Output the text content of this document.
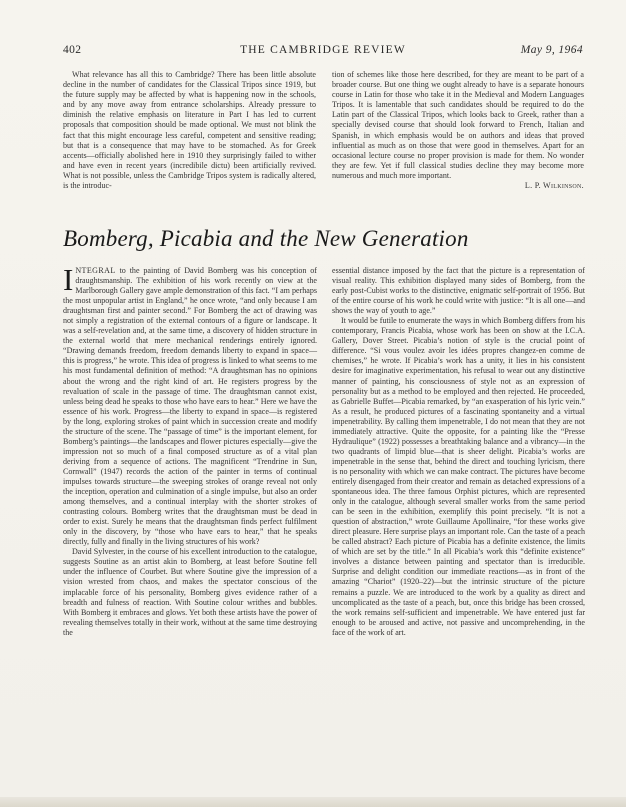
402	THE CAMBRIDGE REVIEW	May 9, 1964

What relevance has all this to Cambridge? There has been little absolute decline in the number of candidates for the Classical Tripos since 1919, but the future supply may be affected by what is happening now in the schools, and by any move away from entrance scholarships. Already pressure to diminish the relative emphasis on literature in Part I has led to current proposals that composition should be made optional. We must not blink the fact that this might encourage less careful, competent and sensitive reading; but that is a consequence that may have to be stomached. As for Greek accents—officially abolished here in 1910 they surprisingly failed to wither and have even in recent years (incredibile dictu) been artificially revived. What is not possible, unless the Cambridge Tripos system is radically altered, is the introduc-

tion of schemes like those here described, for they are meant to be part of a broader course. But one thing we ought already to have is a separate honours course in Latin for those who take it in the Medieval and Modern Languages Tripos. It is lamentable that such candidates should be required to do the Latin part of the Classical Tripos, which looks back to Greek, rather than a specially devised course that should look forward to French, Italian and Spanish, in which emphasis would be on authors and ideas that proved influential as much as on those that were good in themselves. Apart for an occasional lecture course no proper provision is made for them. No wonder they are few. Yet if full classical studies decline they may become more numerous and much more important.

L. P. Wilkinson.
Bomberg, Picabia and the New Generation

INTEGRAL to the painting of David Bomberg was his conception of draughtsmanship. The exhibition of his work recently on view at the Marlborough Gallery gave ample demonstration of this fact. “I am perhaps the most unpopular artist in England,” he once wrote, “and only because I am draughtsman first and painter second.” For Bomberg the act of drawing was not simply a registration of the external contours of a figure or landscape. It was a self-revelation and, at the same time, a discovery of hidden structure in the external world that mere mechanical renderings entirely ignored. “Drawing demands freedom, freedom demands liberty to expand in space—this is progress,” he wrote. This idea of progress is linked to what seems to me his most fundamental definition of method: “A draughtsman has no opinions about the wrong and the right kind of art. He registers progress by the revaluation of scale in the passage of time. The draughtsman cannot exist, unless being dead he speaks to those who have ears to hear.” Here we have the essence of his work. Progress—the liberty to expand in space—is registered by the long, exploring strokes of paint which in succession create and modify the structure of the scene. The “passage of time” is the important element, for Bomberg’s paintings—the landscapes and flower pictures especially—give the impression not so much of a final composed structure as of a vital plan deriving from a sequence of actions. The magnificent “Trendrine in Sun, Cornwall” (1947) records the action of the painter in terms of continual impulses towards structure—the sweeping strokes of orange reveal not only the inception, operation and culmination of a single impulse, but also an order among themselves, and a continual interplay with the shorter strokes of contrasting colours. Bomberg writes that the draughtsman must be dead in order to exist. Surely he means that the draughtsman finds perfect fulfilment only in the discovery, by “those who have ears to hear,” that he speaks directly, fully and finally in the living structures of his work?

David Sylvester, in the course of his excellent introduction to the catalogue, suggests Soutine as an artist akin to Bomberg, at least before Soutine fell under the influence of Courbet. But where Soutine give the impression of a vision wrested from chaos, and makes the spectator conscious of the implacable force of his personality, Bomberg gives evidence rather of a breadth and fulness of reaction. With Soutine colour writhes and bubbles. With Bomberg it embraces and glows. Yet both these artists have the power of revealing themselves totally in their work, without at the same time destroying the

essential distance imposed by the fact that the picture is a representation of visual reality. This exhibition displayed many sides of Bomberg, from the early post-Cubist works to the distinctive, enigmatic self-portrait of 1956. But of the entire course of his work he could write with justice: “It is all one—and shows the way of youth to age.”

It would be futile to enumerate the ways in which Bomberg differs from his contemporary, Francis Picabia, whose work has been on show at the I.C.A. Gallery, Dover Street. Picabia’s notion of style is the crucial point of difference. “Si vous voulez avoir les idées propres changez-en comme de chemises,” he wrote. If Picabia’s work has a unity, it lies in his consistent desire for imaginative experimentation, his refusal to wear out any distinctive manner of painting, his consciousness of style not as an expression of personality but as a method to be employed and then rejected. He proceeded, as Gabrielle Buffet—Picabia remarked, by “an exasperation of his lyric vein.” As a result, he produced pictures of a fascinating spontaneity and a virtual impenetrability. By calling them impenetrable, I do not mean that they are not immediately attractive. Quite the opposite, for a painting like the “Presse Hydraulique” (1922) possesses a breathtaking balance and a vibrancy—in the two quadrants of limpid blue—that is sheer delight. Picabia’s works are impenetrable in the sense that, behind the direct and touching lyricism, there is no personality with which we can make contract. The pictures have become entirely disengaged from their creator and remain as detached expressions of a spontaneous idea. The three famous Orphist pictures, which are represented only in the catalogue, although several smaller works from the same period can be seen in the exhibition, exemplify this point precisely. “It is not a question of abstraction,” wrote Guillaume Apollinaire, “for these works give direct pleasure. Here surprise plays an important role. Can the taste of a peach be called abstract? Each picture of Picabia has a definite existence, the limits of which are set by the title.” In all Picabia’s work this “definite existence” involves a distance between painting and spectator than is irreducible. Surprise and delight condition our immediate reactions—as in front of the amazing “Chariot” (1920–22)—but the intrinsic structure of the picture remains a puzzle. We are introduced to the work by a quality as direct and uncomplicated as the taste of a peach, but, once this bridge has been crossed, the work remains self-sufficient and impenetrable. We have entered just far enough to be aroused and active, not passive and uncomprehending, in the face of the work of art.
